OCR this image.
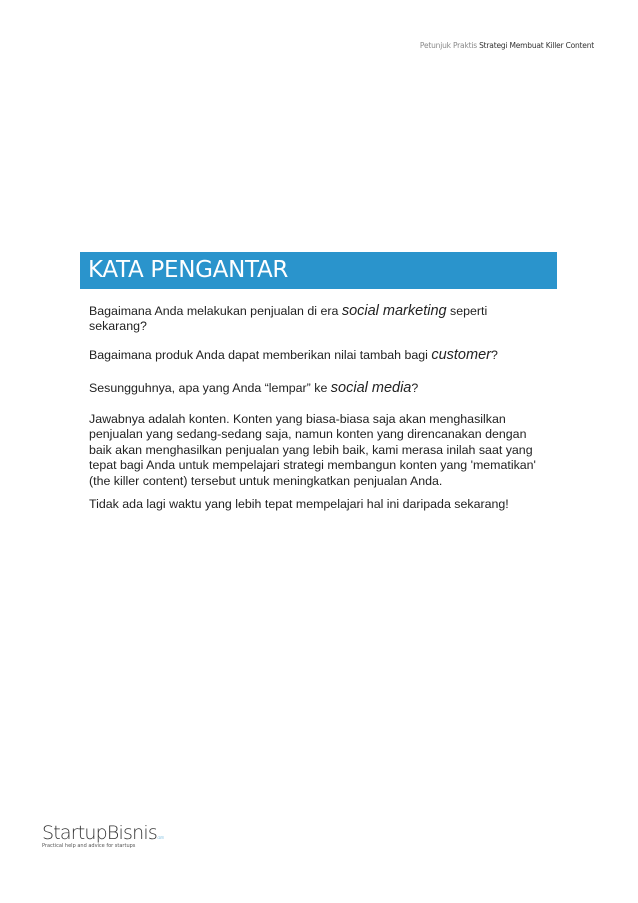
Petunjuk Praktis Strategi Membuat Killer Content
KATA PENGANTAR

Bagaimana Anda melakukan penjualan di era social marketing seperti
sekarang?

Bagaimana produk Anda dapat memberikan nilai tambah bagi customer?

Sesungguhnya, apa yang Anda “lempar” ke social media?

Jawabnya adalah konten. Konten yang biasa-biasa saja akan menghasilkan
penjualan yang sedang-sedang saja, namun konten yang direncanakan dengan
baik akan menghasilkan penjualan yang lebih baik, kami merasa inilah saat yang
tepat bagi Anda untuk mempelajari strategi membangun konten yang 'mematikan'
(the killer content) tersebut untuk meningkatkan penjualan Anda.

Tidak ada lagi waktu yang lebih tepat mempelajari hal ini daripada sekarang!

StartupBisnis.com
Practical help and advice for startups
